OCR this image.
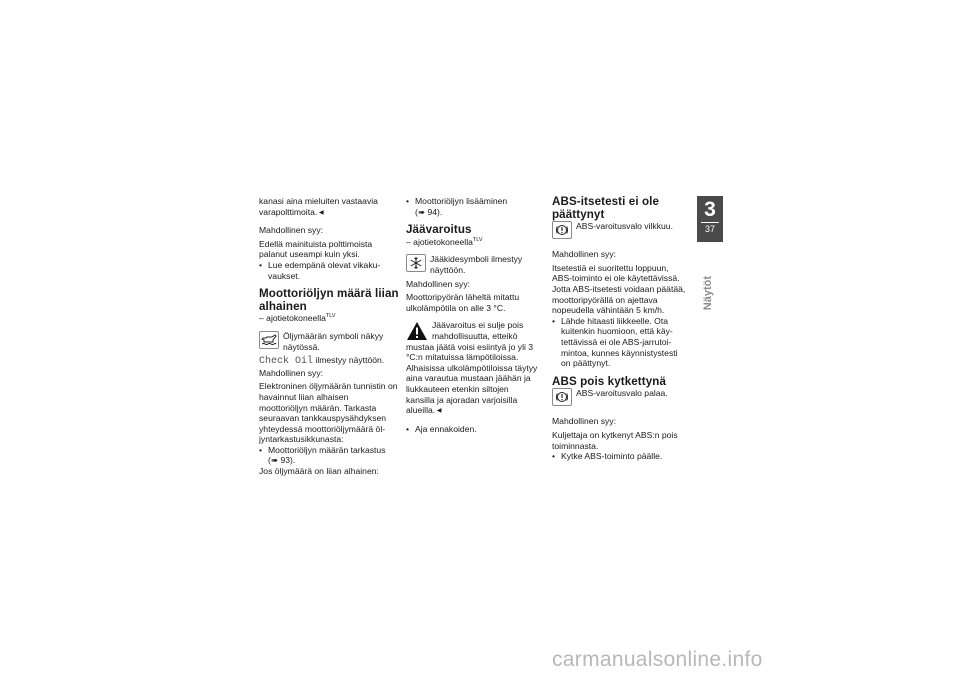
kanasi aina mieluiten vastaavia varapolttimoita. ◀

Mahdollinen syy:

Edellä mainituista polttimoista palanut useampi kuin yksi.

• Lue edempänä olevat vikakuvaukset.

Moottoriöljyn määrä liian alhainen

– ajotietokoneella$^{TLV}$

Öljymäärän symboli näkyy näytössä.

Check Oil ilmestyy näyttöön.

Mahdollinen syy:

Elektroninen öljymäärän tunnistin on havainnut liian alhaisen moottoriöljyn määrän. Tarkasta seuraavan tankkauspysähdyksen yhteydessä moottoriöljymäärä öljyntarkastusikkunasta:

• Moottoriöljyn määrän tarkastus

(➠ 93).

Jos öljymäärä on liian alhainen:

• Moottoriöljyn lisääminen

(➠ 94).

Jäävaroitus

– ajotietokoneella$^{TLV}$

Jääkidesymboli ilmestyy näyttöön.

Mahdollinen syy:

Moottoripyörän läheltä mitattu ulkolämpötila on alle 3 °C.

Jäävaroitus ei sulje pois mahdollisuutta, etteikö mustaa jäätä voisi esiintyä jo yli 3 °C:n mitatuissa lämpötiloissa.

Alhaisissa ulkolämpötiloissa täytyy aina varautua mustaan jäähän ja liukkauteen etenkin siltojen kansilla ja ajoradan varjoisilla alueilla. ◀

• Aja ennakoiden.

ABS-itsetesti ei ole päättynyt

ABS-varoitusvalo vilkkuu.

Mahdollinen syy:

Itsetestiä ei suoritettu loppuun, ABS-toiminto ei ole käytettävissä. Jotta ABS-itsetesti voidaan päätää, moottoripyörällä on ajettava nopeudella vähintään 5 km/h.

• Lähde hitaasti liikkeelle. Ota kuitenkin huomioon, että käytettävissä ei ole ABS-jarrutoimintoa, kunnes käynnistystesti on päättynyt.

ABS pois kytkettynä

ABS-varoitusvalo palaa.

Mahdollinen syy:

Kuljettaja on kytkenyt ABS:n pois toiminnasta.

• Kytke ABS-toiminto päälle.

3
37
Näytöt
carmanualsonline.info
